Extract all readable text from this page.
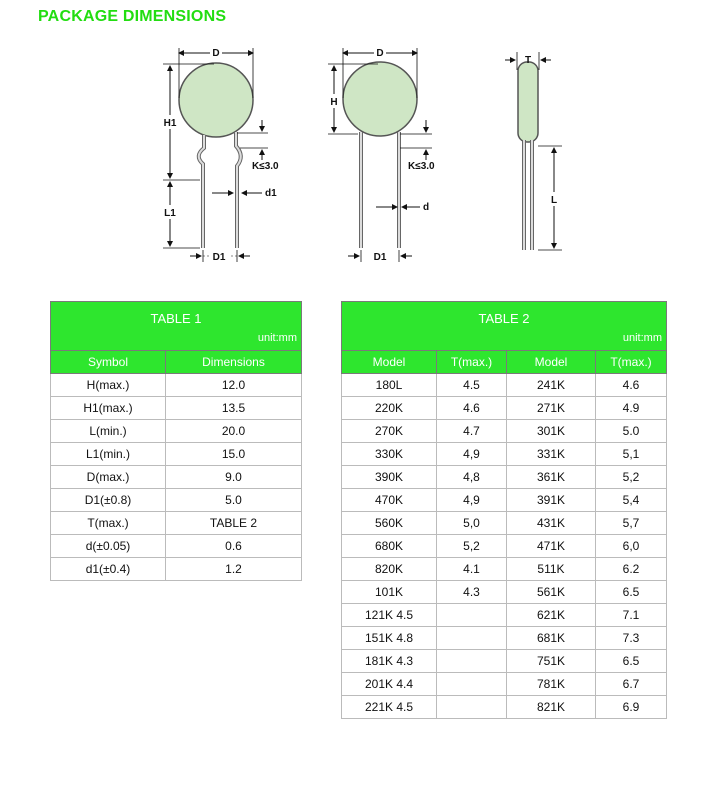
PACKAGE DIMENSIONS
D
H1
L1
K≤3.0
d1
D1
D
H
K≤3.0
d
D1
T
L
TABLE 1
unit:mm	

Symbol	Dimensions
H(max.)	12.0
H1(max.)	13.5
L(min.)	20.0
L1(min.)	15.0
D(max.)	9.0
D1(±0.8)	5.0
T(max.)	TABLE 2
d(±0.05)	0.6
d1(±0.4)	1.2
TABLE 2
unit:mm			

Model	T(max.)	Model	T(max.)
180L	4.5	241K	4.6
220K	4.6	271K	4.9
270K	4.7	301K	5.0
330K	4,9	331K	5,1
390K	4,8	361K	5,2
470K	4,9	391K	5,4
560K	5,0	431K	5,7
680K	5,2	471K	6,0
820K	4.1	511K	6.2
101K	4.3	561K	6.5
121K 4.5		621K	7.1
151K 4.8		681K	7.3
181K 4.3		751K	6.5
201K 4.4		781K	6.7
221K 4.5		821K	6.9
